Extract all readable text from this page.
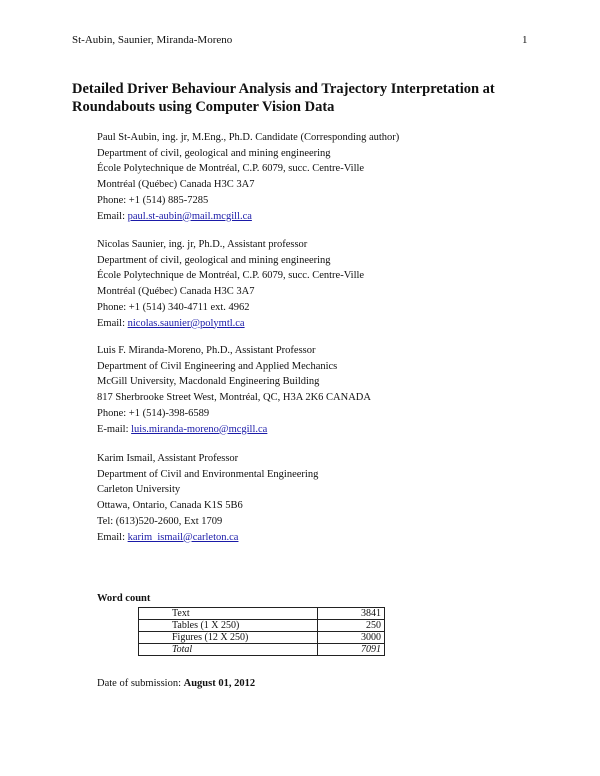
St-Aubin, Saunier, Miranda-Moreno	1
Detailed Driver Behaviour Analysis and Trajectory Interpretation at
Roundabouts using Computer Vision Data
Paul St-Aubin, ing. jr, M.Eng., Ph.D. Candidate (Corresponding author)
Department of civil, geological and mining engineering
École Polytechnique de Montréal, C.P. 6079, succ. Centre-Ville
Montréal (Québec) Canada H3C 3A7
Phone: +1 (514) 885-7285
Email: paul.st-aubin@mail.mcgill.ca
Nicolas Saunier, ing. jr, Ph.D., Assistant professor
Department of civil, geological and mining engineering
École Polytechnique de Montréal, C.P. 6079, succ. Centre-Ville
Montréal (Québec) Canada H3C 3A7
Phone: +1 (514) 340-4711 ext. 4962
Email: nicolas.saunier@polymtl.ca
Luis F. Miranda-Moreno, Ph.D., Assistant Professor
Department of Civil Engineering and Applied Mechanics
McGill University, Macdonald Engineering Building
817 Sherbrooke Street West, Montréal, QC, H3A 2K6 CANADA
Phone: +1 (514)-398-6589
E-mail: luis.miranda-moreno@mcgill.ca
Karim Ismail, Assistant Professor
Department of Civil and Environmental Engineering
Carleton University
Ottawa, Ontario, Canada K1S 5B6
Tel: (613)520-2600, Ext 1709
Email: karim_ismail@carleton.ca
Word count
Text	3841
Tables (1 X 250)	250
Figures (12 X 250)	3000
Total	7091
Date of submission: August 01, 2012
